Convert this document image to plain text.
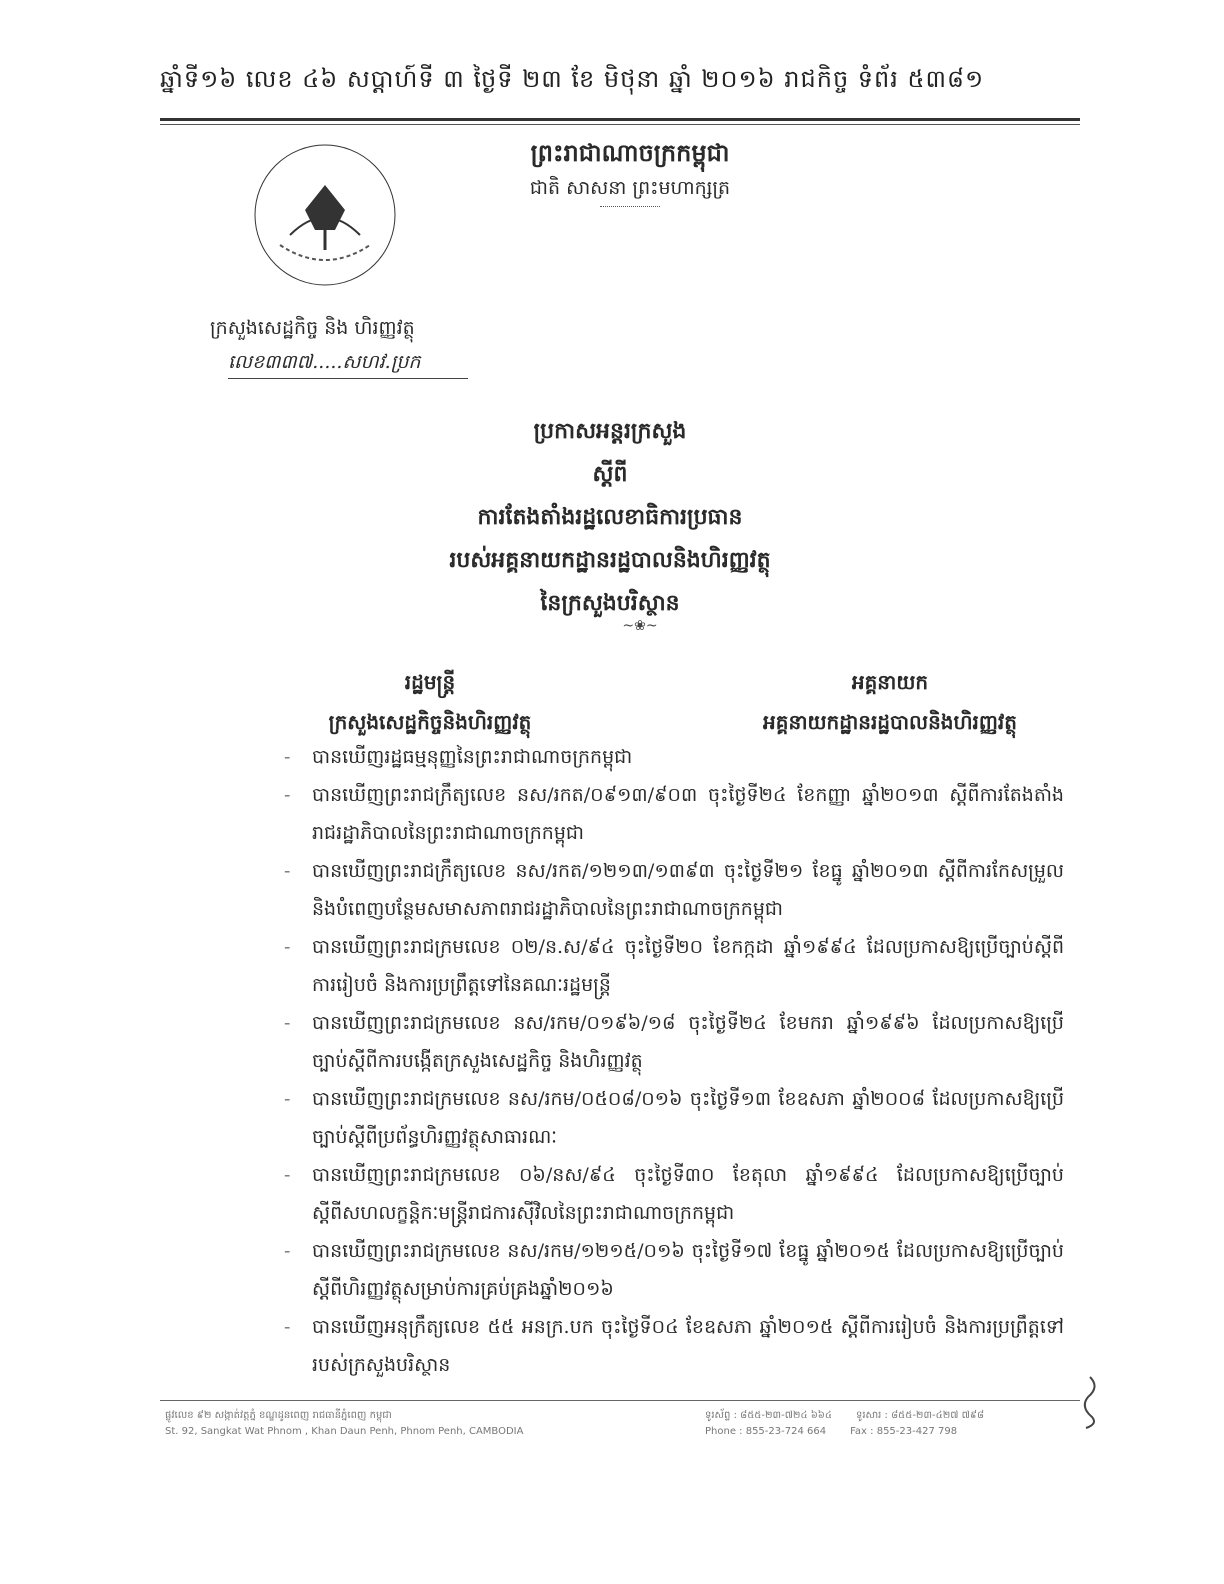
ឆ្នាំទី១៦ លេខ ៤៦ សប្ដាហ៍ទី ៣ ថ្ងៃទី ២៣ ខែ មិថុនា ឆ្នាំ ២០១៦ រាជកិច្ច ទំព័រ ៥៣៨១
ព្រះរាជាណាចក្រកម្ពុជា
ជាតិ សាសនា ព្រះមហាក្សត្រ
ក្រសួងសេដ្ឋកិច្ច និង ហិរញ្ញវត្ថុ
លេខ៣៣៧.....សហវ.ប្រក
ប្រកាសអន្តរក្រសួង
ស្ដីពី
ការតែងតាំងរដ្ឋលេខាធិការប្រធាន
របស់អគ្គនាយកដ្ឋានរដ្ឋបាលនិងហិរញ្ញវត្ថុ
នៃក្រសួងបរិស្ថាន
~❀~
រដ្ឋមន្ត្រី
ក្រសួងសេដ្ឋកិច្ចនិងហិរញ្ញវត្ថុ
អគ្គនាយក
អគ្គនាយកដ្ឋានរដ្ឋបាលនិងហិរញ្ញវត្ថុ
- បានឃើញរដ្ឋធម្មនុញ្ញនៃព្រះរាជាណាចក្រកម្ពុជា
- បានឃើញព្រះរាជក្រឹត្យលេខ នស/រកត/០៩១៣/៩០៣ ចុះថ្ងៃទី២៤ ខែកញ្ញា ឆ្នាំ២០១៣ ស្ដីពីការតែងតាំងរាជរដ្ឋាភិបាលនៃព្រះរាជាណាចក្រកម្ពុជា
- បានឃើញព្រះរាជក្រឹត្យលេខ នស/រកត/១២១៣/១៣៩៣ ចុះថ្ងៃទី២១ ខែធ្នូ ឆ្នាំ២០១៣ ស្ដីពីការកែសម្រួលនិងបំពេញបន្ថែមសមាសភាពរាជរដ្ឋាភិបាលនៃព្រះរាជាណាចក្រកម្ពុជា
- បានឃើញព្រះរាជក្រមលេខ ០២/ន.ស/៩៤ ចុះថ្ងៃទី២០ ខែកក្កដា ឆ្នាំ១៩៩៤ ដែលប្រកាសឱ្យប្រើច្បាប់ស្ដីពីការរៀបចំ និងការប្រព្រឹត្តទៅនៃគណៈរដ្ឋមន្ត្រី
- បានឃើញព្រះរាជក្រមលេខ នស/រកម/០១៩៦/១៨ ចុះថ្ងៃទី២៤ ខែមករា ឆ្នាំ១៩៩៦ ដែលប្រកាសឱ្យប្រើច្បាប់ស្ដីពីការបង្កើតក្រសួងសេដ្ឋកិច្ច និងហិរញ្ញវត្ថុ
- បានឃើញព្រះរាជក្រមលេខ នស/រកម/០៥០៨/០១៦ ចុះថ្ងៃទី១៣ ខែឧសភា ឆ្នាំ២០០៨ ដែលប្រកាសឱ្យប្រើច្បាប់ស្ដីពីប្រព័ន្ធហិរញ្ញវត្ថុសាធារណៈ
- បានឃើញព្រះរាជក្រមលេខ ០៦/នស/៩៤ ចុះថ្ងៃទី៣០ ខែតុលា ឆ្នាំ១៩៩៤ ដែលប្រកាសឱ្យប្រើច្បាប់ស្ដីពីសហលក្ខន្តិកៈមន្ត្រីរាជការស៊ីវិលនៃព្រះរាជាណាចក្រកម្ពុជា
- បានឃើញព្រះរាជក្រមលេខ នស/រកម/១២១៥/០១៦ ចុះថ្ងៃទី១៧ ខែធ្នូ ឆ្នាំ២០១៥ ដែលប្រកាសឱ្យប្រើច្បាប់ស្ដីពីហិរញ្ញវត្ថុសម្រាប់ការគ្រប់គ្រងឆ្នាំ២០១៦
- បានឃើញអនុក្រឹត្យលេខ ៥៥ អនក្រ.បក ចុះថ្ងៃទី០៤ ខែឧសភា ឆ្នាំ២០១៥ ស្ដីពីការរៀបចំ និងការប្រព្រឹត្តទៅរបស់ក្រសួងបរិស្ថាន
ផ្លូវលេខ ៩២ សង្កាត់វត្តភ្នំ ខណ្ឌដូនពេញ រាជធានីភ្នំពេញ កម្ពុជា
St. 92, Sangkat Wat Phnom , Khan Daun Penh, Phnom Penh, CAMBODIA
ទូរស័ព្ទ : ៨៥៥-២៣-៧២៤ ៦៦៤ ទូរសារ : ៨៥៥-២៣-៤២៧ ៧៩៨
Phone : 855-23-724 664 Fax : 855-23-427 798
